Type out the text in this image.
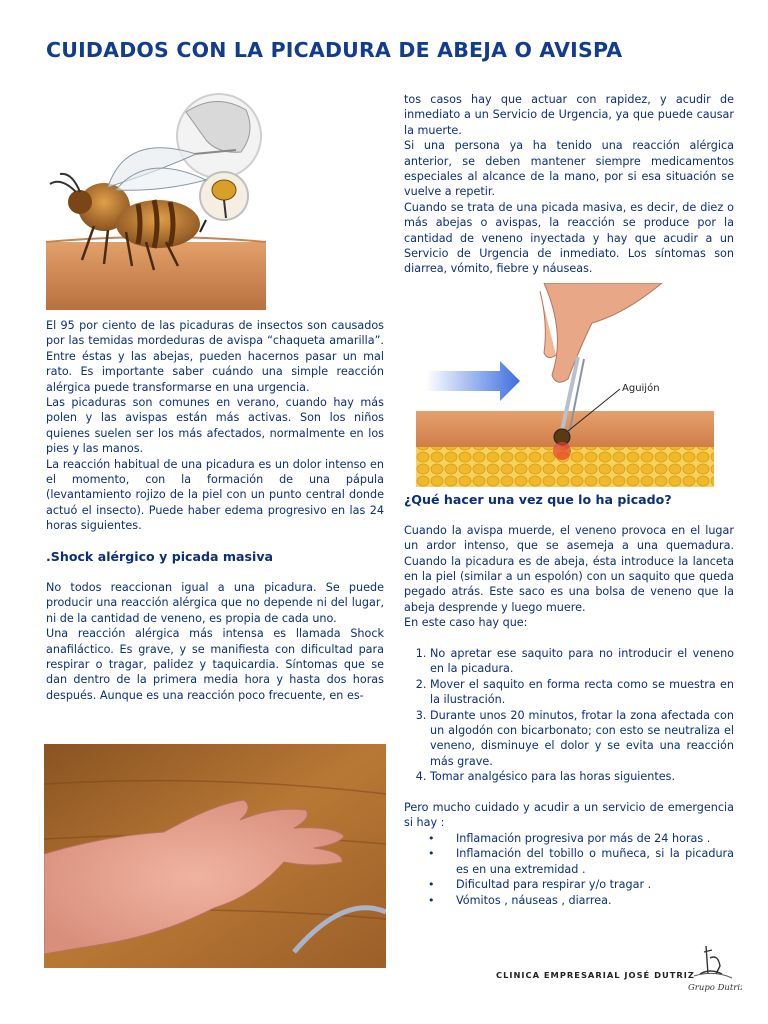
CUIDADOS CON LA PICADURA DE ABEJA O AVISPA

El 95 por ciento de las picaduras de insectos son causados por las temidas mordeduras de avispa “chaqueta amarilla”. Entre éstas y las abejas, pueden hacernos pasar un mal rato. Es importante saber cuándo una simple reacción alérgica puede transformarse en una urgencia.

Las picaduras son comunes en verano, cuando hay más polen y las avispas están más activas. Son los niños quienes suelen ser los más afectados, normalmente en los pies y las manos.

La reacción habitual de una picadura es un dolor intenso en el momento, con la formación de una pápula (levantamiento rojizo de la piel con un punto central donde actuó el insecto). Puede haber edema progresivo en las 24 horas siguientes.

.Shock alérgico y picada masiva

No todos reaccionan igual a una picadura. Se puede producir una reacción alérgica que no depende ni del lugar, ni de la cantidad de veneno, es propia de cada uno.

Una reacción alérgica más intensa es llamada Shock anafiláctico. Es grave, y se manifiesta con dificultad para respirar o tragar, palidez y taquicardia. Síntomas que se dan dentro de la primera media hora y hasta dos horas después. Aunque es una reacción poco frecuente, en es-

tos casos hay que actuar con rapidez, y acudir de inmediato a un Servicio de Urgencia, ya que puede causar la muerte.

Si una persona ya ha tenido una reacción alérgica anterior, se deben mantener siempre medicamentos especiales al alcance de la mano, por si esa situación se vuelve a repetir.

Cuando se trata de una picada masiva, es decir, de diez o más abejas o avispas, la reacción se produce por la cantidad de veneno inyectada y hay que acudir a un Servicio de Urgencia de inmediato. Los síntomas son diarrea, vómito, fiebre y náuseas.

Aguijón
¿Qué hacer una vez que lo ha picado?

Cuando la avispa muerde, el veneno provoca en el lugar un ardor intenso, que se asemeja a una quemadura. Cuando la picadura es de abeja, ésta introduce la lanceta en la piel (similar a un espolón) con un saquito que queda pegado atrás. Este saco es una bolsa de veneno que la abeja desprende y luego muere.

En este caso hay que:

1. No apretar ese saquito para no introducir el veneno en la picadura.
2. Mover el saquito en forma recta como se muestra en la ilustración.
3. Durante unos 20 minutos, frotar la zona afectada con un algodón con bicarbonato; con esto se neutraliza el veneno, disminuye el dolor y se evita una reacción más grave.
4. Tomar analgésico para las horas siguientes.

Pero mucho cuidado y acudir a un servicio de emergencia si hay :

• Inflamación progresiva por más de 24 horas .
• Inflamación del tobillo o muñeca, si la picadura es en una extremidad .
• Dificultad para respirar y/o tragar .
• Vómitos , náuseas , diarrea.
CLINICA EMPRESARIAL JOSÉ DUTRIZ
Grupo Dutriz
